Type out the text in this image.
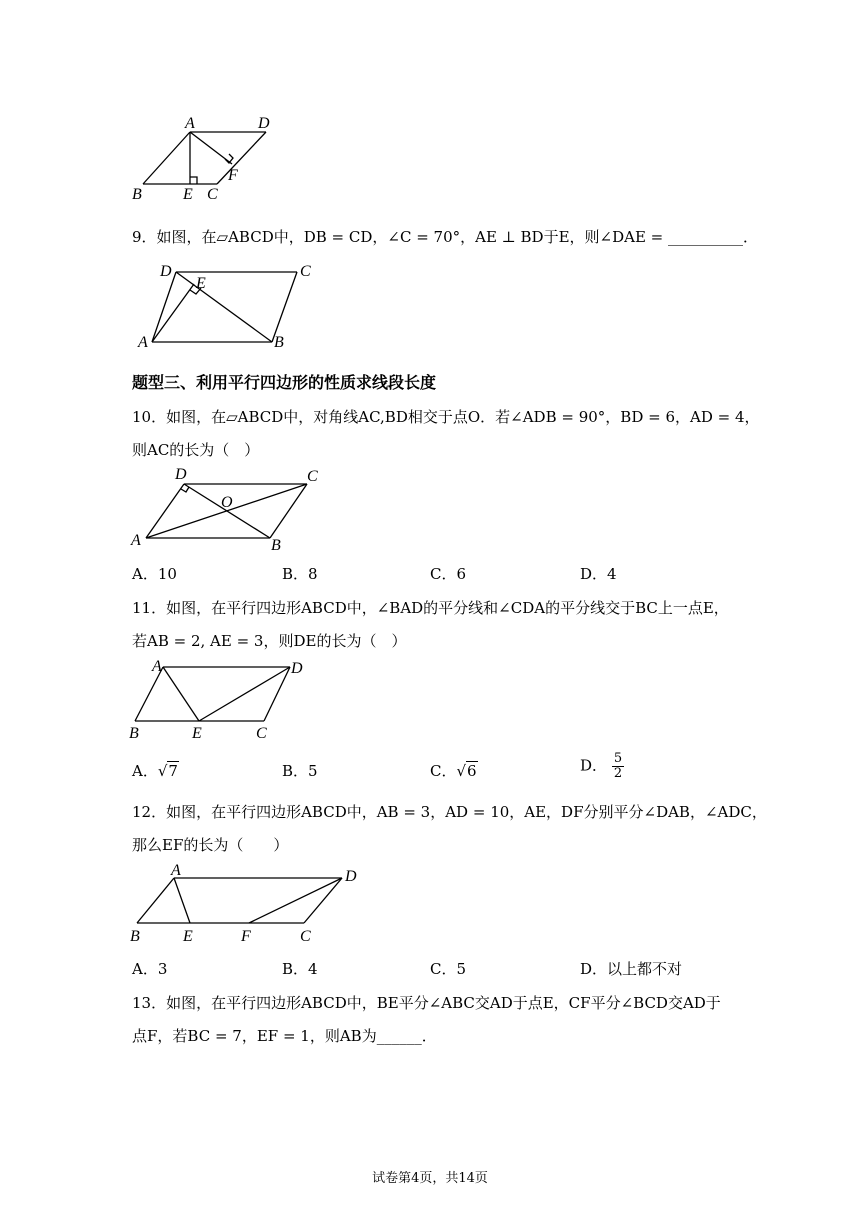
A	D
B	E C
F
9．如图，在▱ABCD中，DB = CD，∠C = 70°，AE ⊥ BD于E，则∠DAE = __________．
D	C
E
A	B
题型三、利用平行四边形的性质求线段长度
10．如图，在▱ABCD中，对角线AC,BD相交于点O．若∠ADB = 90°，BD = 6，AD = 4，
则AC的长为（　）
D	C
O
A	B
A．10	B．8	C．6	D．4
11．如图，在平行四边形ABCD中，∠BAD的平分线和∠CDA的平分线交于BC上一点E，
若AB = 2, AE = 3，则DE的长为（　）
A	D
B	E	C
A．√7	B．5	C．√6	D． $\frac{5}{2}$
12．如图，在平行四边形ABCD中，AB = 3，AD = 10，AE，DF分别平分∠DAB，∠ADC，
那么EF的长为（　　）
A	D
B	E	F	C
A．3	B．4	C．5	D．以上都不对
13．如图，在平行四边形ABCD中，BE平分∠ABC交AD于点E，CF平分∠BCD交AD于
点F，若BC = 7，EF = 1，则AB为______．
试卷第4页，共14页
